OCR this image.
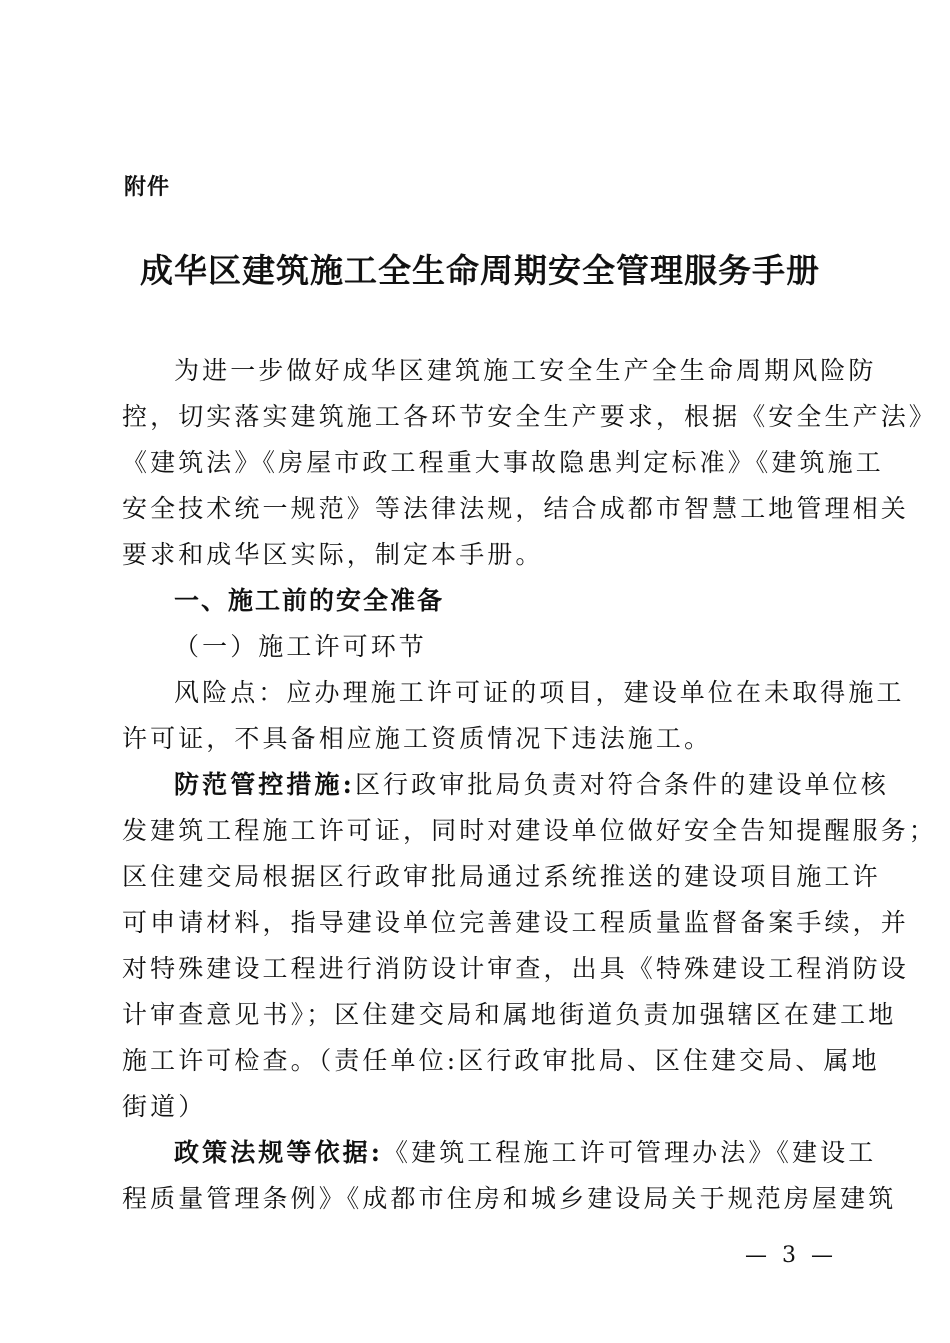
附件
成华区建筑施工全生命周期安全管理服务手册
为进一步做好成华区建筑施工安全生产全生命周期风险防
控，切实落实建筑施工各环节安全生产要求，根据《安全生产法》
《建筑法》《房屋市政工程重大事故隐患判定标准》《建筑施工
安全技术统一规范》等法律法规，结合成都市智慧工地管理相关
要求和成华区实际，制定本手册。
一、施工前的安全准备
（一）施工许可环节
风险点：应办理施工许可证的项目，建设单位在未取得施工
许可证，不具备相应施工资质情况下违法施工。
防范管控措施:区行政审批局负责对符合条件的建设单位核
发建筑工程施工许可证，同时对建设单位做好安全告知提醒服务；
区住建交局根据区行政审批局通过系统推送的建设项目施工许
可申请材料，指导建设单位完善建设工程质量监督备案手续，并
对特殊建设工程进行消防设计审查，出具《特殊建设工程消防设
计审查意见书》；区住建交局和属地街道负责加强辖区在建工地
施工许可检查。（责任单位:区行政审批局、区住建交局、属地
街道）
政策法规等依据:《建筑工程施工许可管理办法》《建设工
程质量管理条例》《成都市住房和城乡建设局关于规范房屋建筑
— 3 —
